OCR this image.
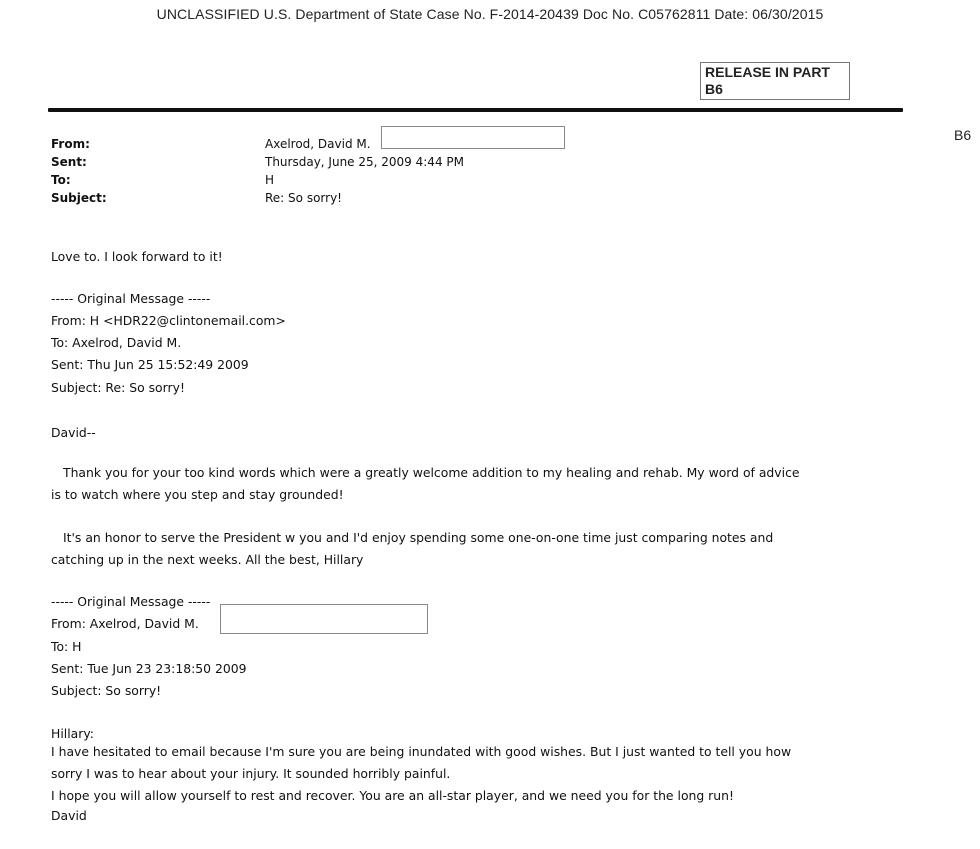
UNCLASSIFIED U.S. Department of State Case No. F-2014-20439 Doc No. C05762811 Date: 06/30/2015
RELEASE IN PART
B6
B6
From:	Axelrod, David M.
Sent:	Thursday, June 25, 2009 4:44 PM
To:	H
Subject:	Re: So sorry!
Love to. I look forward to it!
----- Original Message -----
From: H <HDR22@clintonemail.com>
To: Axelrod, David M.
Sent: Thu Jun 25 15:52:49 2009
Subject: Re: So sorry!
David--
Thank you for your too kind words which were a greatly welcome addition to my healing and rehab. My word of advice
is to watch where you step and stay grounded!
It's an honor to serve the President w you and I'd enjoy spending some one-on-one time just comparing notes and
catching up in the next weeks. All the best, Hillary
----- Original Message -----
From: Axelrod, David M.
To: H
Sent: Tue Jun 23 23:18:50 2009
Subject: So sorry!
Hillary:
I have hesitated to email because I'm sure you are being inundated with good wishes. But I just wanted to tell you how
sorry I was to hear about your injury. It sounded horribly painful.
I hope you will allow yourself to rest and recover. You are an all-star player, and we need you for the long run!
David
